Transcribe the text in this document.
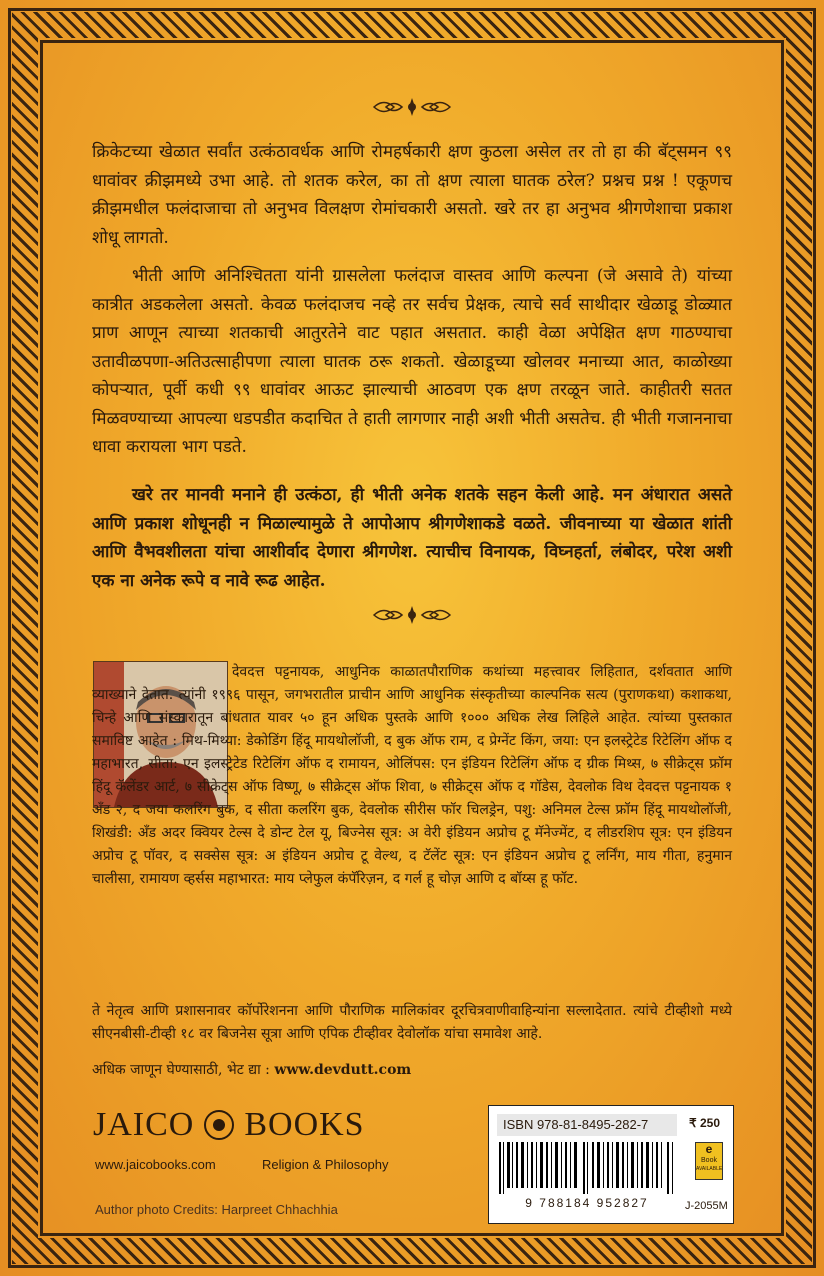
क्रिकेटच्या खेळात सर्वांत उत्कंठावर्धक आणि रोमहर्षकारी क्षण कुठला असेल तर तो हा की बॅट्समन ९९ धावांवर क्रीझमध्ये उभा आहे. तो शतक करेल, का तो क्षण त्याला घातक ठरेल? प्रश्नच प्रश्न ! एकूणच क्रीझमधील फलंदाजाचा तो अनुभव विलक्षण रोमांचकारी असतो. खरे तर हा अनुभव श्रीगणेशाचा प्रकाश शोधू लागतो.
भीती आणि अनिश्चितता यांनी ग्रासलेला फलंदाज वास्तव आणि कल्पना (जे असावे ते) यांच्या कात्रीत अडकलेला असतो. केवळ फलंदाजच नव्हे तर सर्वच प्रेक्षक, त्याचे सर्व साथीदार खेळाडू डोळ्यात प्राण आणून त्याच्या शतकाची आतुरतेने वाट पहात असतात. काही वेळा अपेक्षित क्षण गाठण्याचा उतावीळपणा-अतिउत्साहीपणा त्याला घातक ठरू शकतो. खेळाडूच्या खोलवर मनाच्या आत, काळोख्या कोपऱ्यात, पूर्वी कधी ९९ धावांवर आऊट झाल्याची आठवण एक क्षण तरळून जाते. काहीतरी सतत मिळवण्याच्या आपल्या धडपडीत कदाचित ते हाती लागणार नाही अशी भीती असतेच. ही भीती गजाननाचा धावा करायला भाग पडते.
खरे तर मानवी मनाने ही उत्कंठा, ही भीती अनेक शतके सहन केली आहे. मन अंधारात असते आणि प्रकाश शोधूनही न मिळाल्यामुळे ते आपोआप श्रीगणेशाकडे वळते. जीवनाच्या या खेळात शांती आणि वैभवशीलता यांचा आशीर्वाद देणारा श्रीगणेश. त्याचीच विनायक, विघ्नहर्ता, लंबोदर, परेश अशी एक ना अनेक रूपे व नावे रूढ आहेत.
देवदत्त पट्टनायक, आधुनिक काळातपौराणिक कथांच्या महत्त्वावर लिहितात, दर्शवतात आणि व्याख्याने देतात. त्यांनी १९९६ पासून, जगभरातील प्राचीन आणि आधुनिक संस्कृतीच्या काल्पनिक सत्य (पुराणकथा) कशाकथा, चिन्हे आणि संस्कारातून बांधतात यावर ५० हून अधिक पुस्तके आणि १००० अधिक लेख लिहिले आहेत. त्यांच्या पुस्तकात समाविष्ट आहेत : मिथ-मिथ्या: डेकोडिंग हिंदू मायथोलॉजी, द बुक ऑफ राम, द प्रेग्नेंट किंग, जया: एन इलस्ट्रेटेड रिटेलिंग ऑफ द महाभारत, सीता: एन इलस्ट्रेटेड रिटेलिंग ऑफ द रामायन, ओलिंपस: एन इंडियन रिटेलिंग ऑफ द ग्रीक मिथ्स, ७ सीक्रेट्स फ्रॉम हिंदू कॅलेंडर आर्ट, ७ सीक्रेट्स ऑफ विष्णू, ७ सीक्रेट्स ऑफ शिवा, ७ सीक्रेट्स ऑफ द गॉडेस, देवलोक विथ देवदत्त पट्टनायक १ अँड २, द जया कलरिंग बुक, द सीता कलरिंग बुक, देवलोक सीरीस फॉर चिलड्रेन, पशु: अनिमल टेल्स फ्रॉम हिंदू मायथोलॉजी, शिखंडी: अँड अदर क्वियर टेल्स दे डोन्ट टेल यू, बिज्नेस सूत्र: अ वेरी इंडियन अप्रोच टू मॅनेज्मेंट, द लीडरशिप सूत्र: एन इंडियन अप्रोच टू पॉवर, द सक्सेस सूत्र: अ इंडियन अप्रोच टू वेल्थ, द टॅलेंट सूत्र: एन इंडियन अप्रोच टू लर्निंग, माय गीता, हनुमान चालीसा, रामायण व्हर्सस महाभारत: माय प्लेफुल कंपॅरिज़न, द गर्ल हू चोज़ आणि द बॉय्स हू फॉट.
ते नेतृत्व आणि प्रशासनावर कॉर्पोरेशनना आणि पौराणिक मालिकांवर दूरचित्रवाणीवाहिन्यांना सल्लादेतात. त्यांचे टीव्हीशो मध्ये सीएनबीसी-टीव्ही १८ वर बिजनेस सूत्रा आणि एपिक टीव्हीवर देवोलॉक यांचा समावेश आहे.
अधिक जाणून घेण्यासाठी, भेट द्या : www.devdutt.com
JAICO BOOKS
www.jaicobooks.com	Religion & Philosophy
Author photo Credits: Harpreet Chhachhia
ISBN 978-81-8495-282-7	₹ 250
9 788184 952827
e
Book
AVAILABLE
J-2055M
